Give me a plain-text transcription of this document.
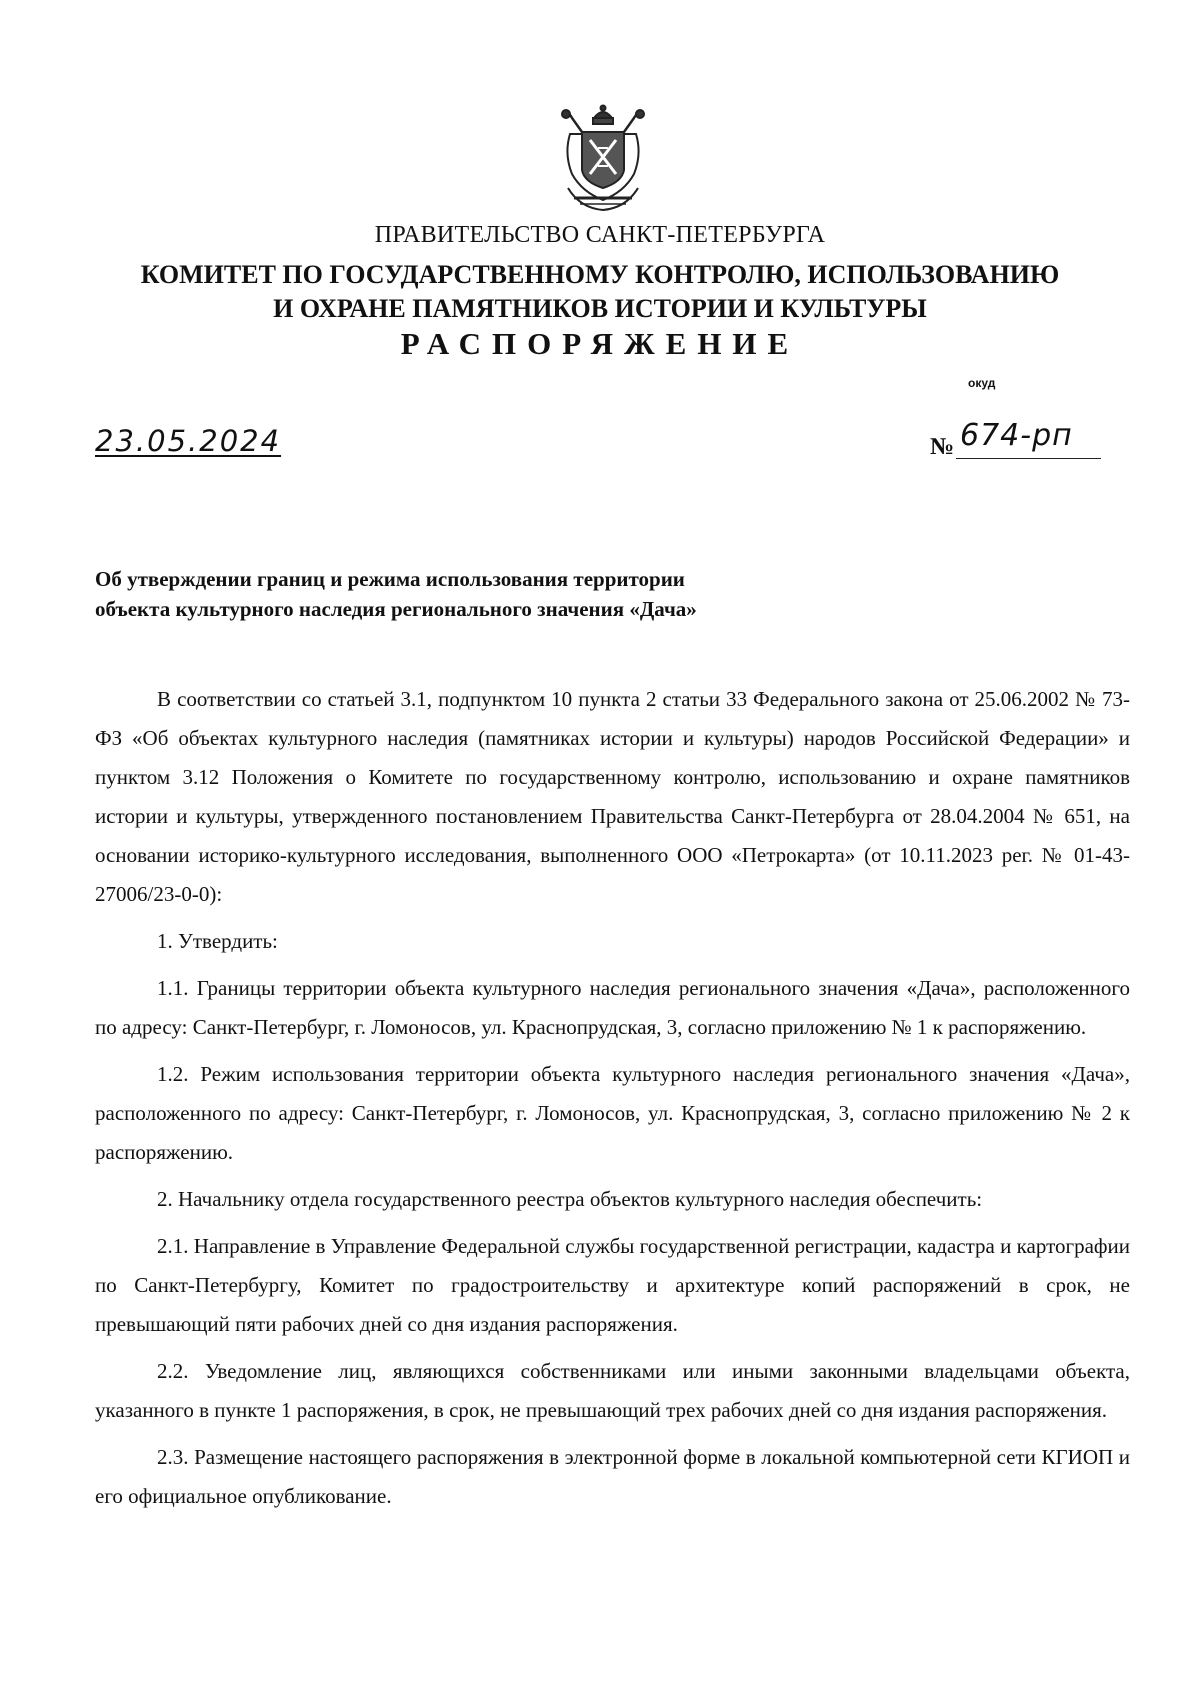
ПРАВИТЕЛЬСТВО САНКТ-ПЕТЕРБУРГА
КОМИТЕТ ПО ГОСУДАРСТВЕННОМУ КОНТРОЛЮ, ИСПОЛЬЗОВАНИЮ
И ОХРАНЕ ПАМЯТНИКОВ ИСТОРИИ И КУЛЬТУРЫ
РАСПОРЯЖЕНИЕ
окуд
23.05.2024	№ 674-рп
Об утверждении границ и режима использования территории
объекта культурного наследия регионального значения «Дача»

В соответствии со статьей 3.1, подпунктом 10 пункта 2 статьи 33 Федерального закона от 25.06.2002 № 73-ФЗ «Об объектах культурного наследия (памятниках истории и культуры) народов Российской Федерации» и пунктом 3.12 Положения о Комитете по государственному контролю, использованию и охране памятников истории и культуры, утвержденного постановлением Правительства Санкт-Петербурга от 28.04.2004 № 651, на основании историко-культурного исследования, выполненного ООО «Петрокарта» (от 10.11.2023 рег. № 01-43-27006/23-0-0):

1. Утвердить:

1.1. Границы территории объекта культурного наследия регионального значения «Дача», расположенного по адресу: Санкт-Петербург, г. Ломоносов, ул. Краснопрудская, 3, согласно приложению № 1 к распоряжению.

1.2. Режим использования территории объекта культурного наследия регионального значения «Дача», расположенного по адресу: Санкт-Петербург, г. Ломоносов, ул. Краснопрудская, 3, согласно приложению № 2 к распоряжению.

2. Начальнику отдела государственного реестра объектов культурного наследия обеспечить:

2.1. Направление в Управление Федеральной службы государственной регистрации, кадастра и картографии по Санкт-Петербургу, Комитет по градостроительству и архитектуре копий распоряжений в срок, не превышающий пяти рабочих дней со дня издания распоряжения.

2.2. Уведомление лиц, являющихся собственниками или иными законными владельцами объекта, указанного в пункте 1 распоряжения, в срок, не превышающий трех рабочих дней со дня издания распоряжения.

2.3. Размещение настоящего распоряжения в электронной форме в локальной компьютерной сети КГИОП и его официальное опубликование.
